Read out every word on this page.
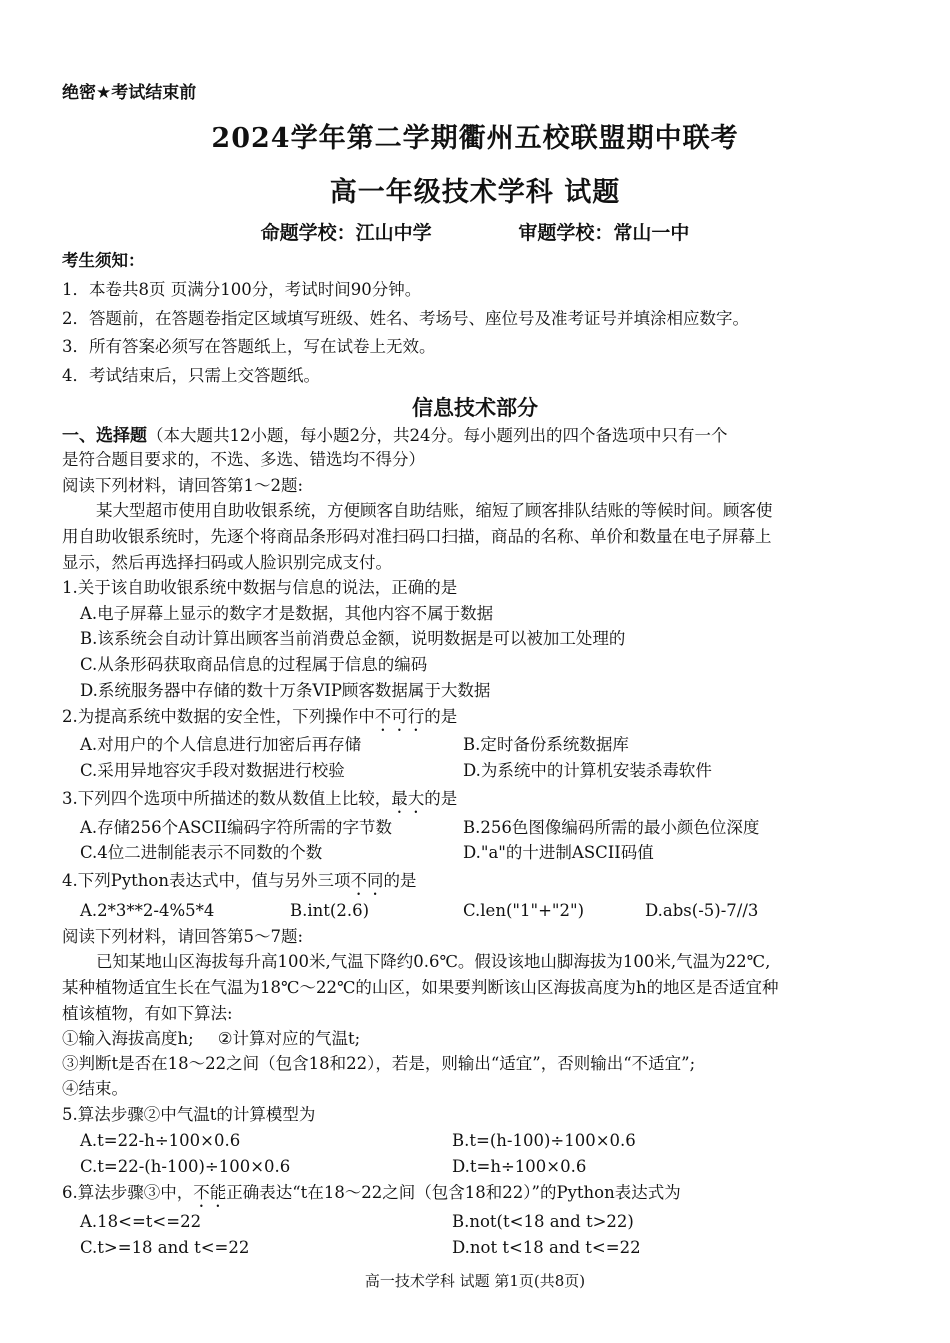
绝密★考试结束前
2024学年第二学期衢州五校联盟期中联考
高一年级技术学科 试题
命题学校：江山中学	审题学校：常山一中
考生须知：
1．本卷共8页 页满分100分，考试时间90分钟。
2．答题前，在答题卷指定区域填写班级、姓名、考场号、座位号及准考证号并填涂相应数字。
3．所有答案必须写在答题纸上，写在试卷上无效。
4．考试结束后，只需上交答题纸。
信息技术部分
一、选择题（本大题共12小题，每小题2分，共24分。每小题列出的四个备选项中只有一个
是符合题目要求的，不选、多选、错选均不得分）
阅读下列材料，请回答第1～2题:
某大型超市使用自助收银系统，方便顾客自助结账，缩短了顾客排队结账的等候时间。顾客使
用自助收银系统时，先逐个将商品条形码对准扫码口扫描，商品的名称、单价和数量在电子屏幕上
显示，然后再选择扫码或人脸识别完成支付。
1.关于该自助收银系统中数据与信息的说法，正确的是
A.电子屏幕上显示的数字才是数据，其他内容不属于数据
B.该系统会自动计算出顾客当前消费总金额，说明数据是可以被加工处理的
C.从条形码获取商品信息的过程属于信息的编码
D.系统服务器中存储的数十万条VIP顾客数据属于大数据
2.为提高系统中数据的安全性，下列操作中不可行的是
A.对用户的个人信息进行加密后再存储	B.定时备份系统数据库
C.采用异地容灾手段对数据进行校验	D.为系统中的计算机安装杀毒软件
3.下列四个选项中所描述的数从数值上比较，最大的是
A.存储256个ASCII编码字符所需的字节数	B.256色图像编码所需的最小颜色位深度
C.4位二进制能表示不同数的个数	D."a"的十进制ASCII码值
4.下列Python表达式中，值与另外三项不同的是
A.2*3**2-4%5*4	B.int(2.6)	C.len("1"+"2")	D.abs(-5)-7//3
阅读下列材料，请回答第5～7题:
已知某地山区海拔每升高100米,气温下降约0.6℃。假设该地山脚海拔为100米,气温为22℃,
某种植物适宜生长在气温为18℃～22℃的山区，如果要判断该山区海拔高度为h的地区是否适宜种
植该植物，有如下算法:
①输入海拔高度h; ②计算对应的气温t;
③判断t是否在18～22之间（包含18和22），若是，则输出“适宜”，否则输出“不适宜”;
④结束。
5.算法步骤②中气温t的计算模型为
A.t=22-h÷100×0.6	B.t=(h-100)÷100×0.6
C.t=22-(h-100)÷100×0.6	D.t=h÷100×0.6
6.算法步骤③中，不能正确表达“t在18～22之间（包含18和22）”的Python表达式为
A.18<=t<=22	B.not(t<18 and t>22)
C.t>=18 and t<=22	D.not t<18 and t<=22
高一技术学科 试题 第1页(共8页)
